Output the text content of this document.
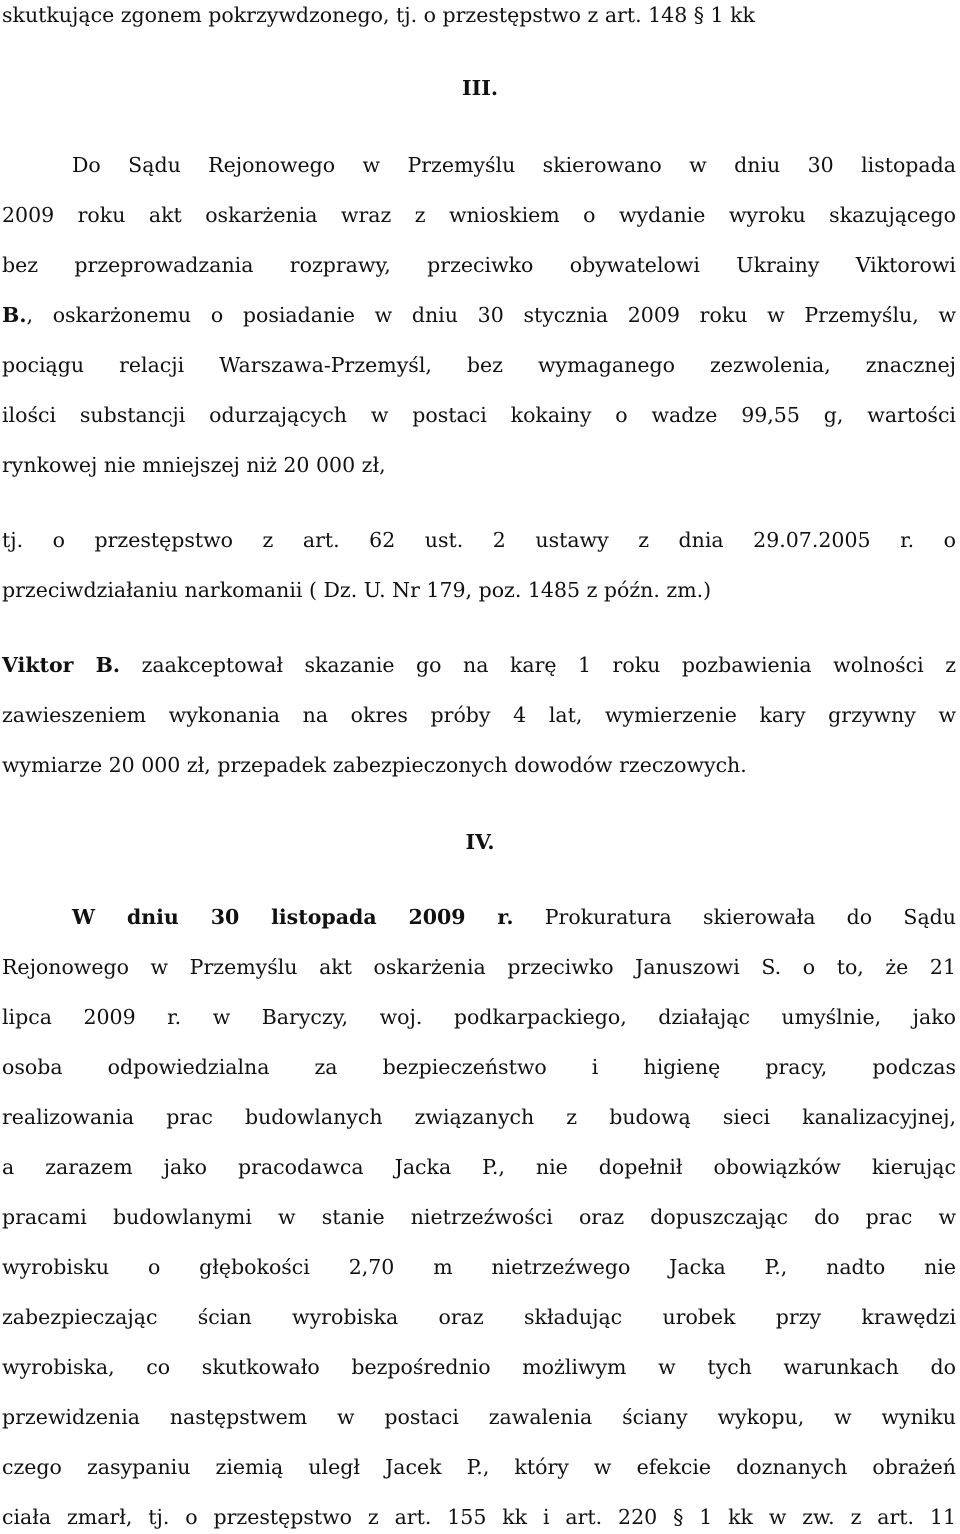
skutkujące zgonem pokrzywdzonego, tj. o przestępstwo z art. 148 § 1 kk
III.
Do Sądu Rejonowego w Przemyślu skierowano w dniu 30 listopada
2009 roku akt oskarżenia wraz z wnioskiem o wydanie wyroku skazującego
bez przeprowadzania rozprawy, przeciwko obywatelowi Ukrainy Viktorowi
B., oskarżonemu o posiadanie w dniu 30 stycznia 2009 roku w Przemyślu, w
pociągu relacji Warszawa-Przemyśl, bez wymaganego zezwolenia, znacznej
ilości substancji odurzających w postaci kokainy o wadze 99,55 g, wartości
rynkowej nie mniejszej niż 20 000 zł,
tj. o przestępstwo z art. 62 ust. 2 ustawy z dnia 29.07.2005 r. o
przeciwdziałaniu narkomanii ( Dz. U. Nr 179, poz. 1485 z późn. zm.)
Viktor B. zaakceptował skazanie go na karę 1 roku pozbawienia wolności z
zawieszeniem wykonania na okres próby 4 lat, wymierzenie kary grzywny w
wymiarze 20 000 zł, przepadek zabezpieczonych dowodów rzeczowych.
IV.
W dniu 30 listopada 2009 r. Prokuratura skierowała do Sądu
Rejonowego w Przemyślu akt oskarżenia przeciwko Januszowi S. o to, że 21
lipca 2009 r. w Baryczy, woj. podkarpackiego, działając umyślnie, jako
osoba odpowiedzialna za bezpieczeństwo i higienę pracy, podczas
realizowania prac budowlanych związanych z budową sieci kanalizacyjnej,
a zarazem jako pracodawca Jacka P., nie dopełnił obowiązków kierując
pracami budowlanymi w stanie nietrzeźwości oraz dopuszczając do prac w
wyrobisku o głębokości 2,70 m nietrzeźwego Jacka P., nadto nie
zabezpieczając ścian wyrobiska oraz składując urobek przy krawędzi
wyrobiska, co skutkowało bezpośrednio możliwym w tych warunkach do
przewidzenia następstwem w postaci zawalenia ściany wykopu, w wyniku
czego zasypaniu ziemią uległ Jacek P., który w efekcie doznanych obrażeń
ciała zmarł, tj. o przestępstwo z art. 155 kk i art. 220 § 1 kk w zw. z art. 11
